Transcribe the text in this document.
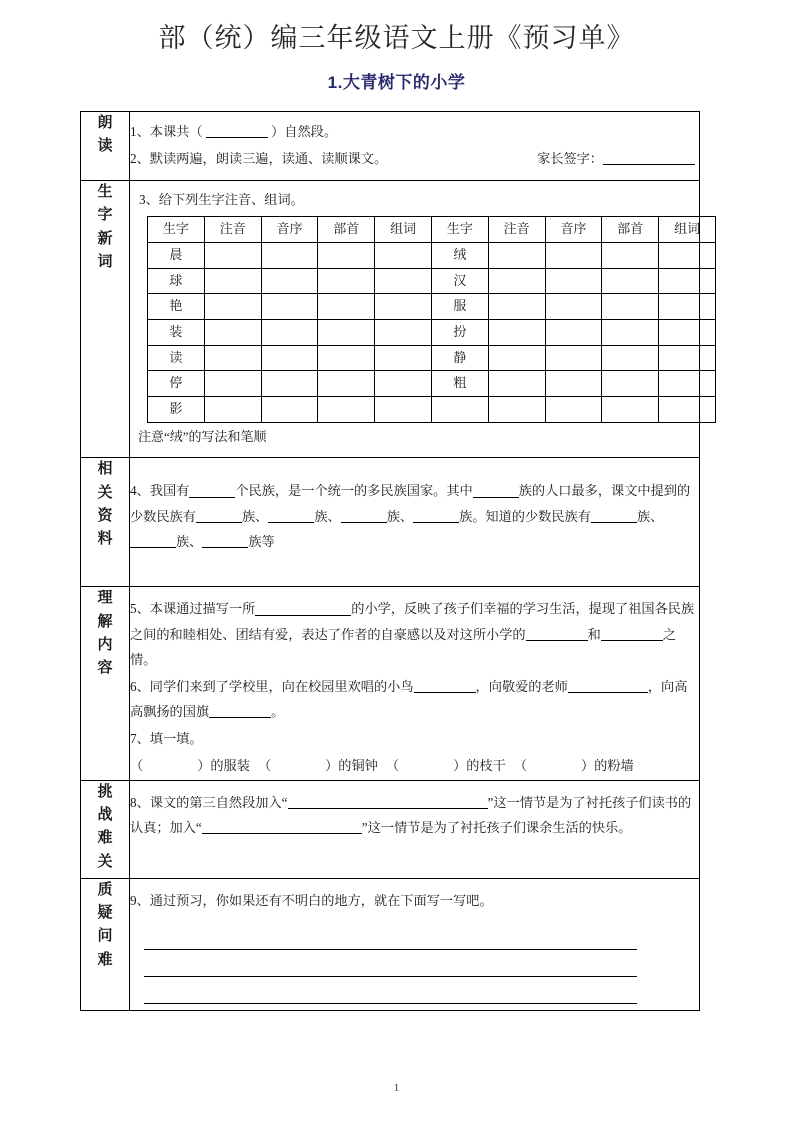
部（统）编三年级语文上册《预习单》
1.大青树下的小学
朗读

1、本课共（	）自然段。

家长签字：
2、默读两遍，朗读三遍，读通、读顺课文。

生字新词

3、给下列生字注音、组词。

生字	注音	音序	部首	组词	生字	注音	音序	部首	组词
晨					绒				
球					汉				
艳					服				
装					扮				
读					静				
停					粗				
影									

注意“绒”的写法和笔顺

相关资料

4、我国有	个民族，是一个统一的多民族国家。其中	族的人口最多，课文中提到的少数民族有	族、	族、	族、	族。知道的少数民族有	族、族、	族等

理解内容

5、本课通过描写一所	的小学，反映了孩子们幸福的学习生活，提现了祖国各民族之间的和睦相处、团结有爱，表达了作者的自豪感以及对这所小学的	和	之情。

6、同学们来到了学校里，向在校园里欢唱的小鸟	，向敬爱的老师	，向高高飘扬的国旗	。

7、填一填。

（	）的服装 （	）的铜钟 （	）的枝干 （	）的粉墙

挑战难关

8、课文的第三自然段加入“	”这一情节是为了衬托孩子们读书的认真；加入“	”这一情节是为了衬托孩子们课余生活的快乐。

质疑问难

9、通过预习，你如果还有不明白的地方，就在下面写一写吧。

1
